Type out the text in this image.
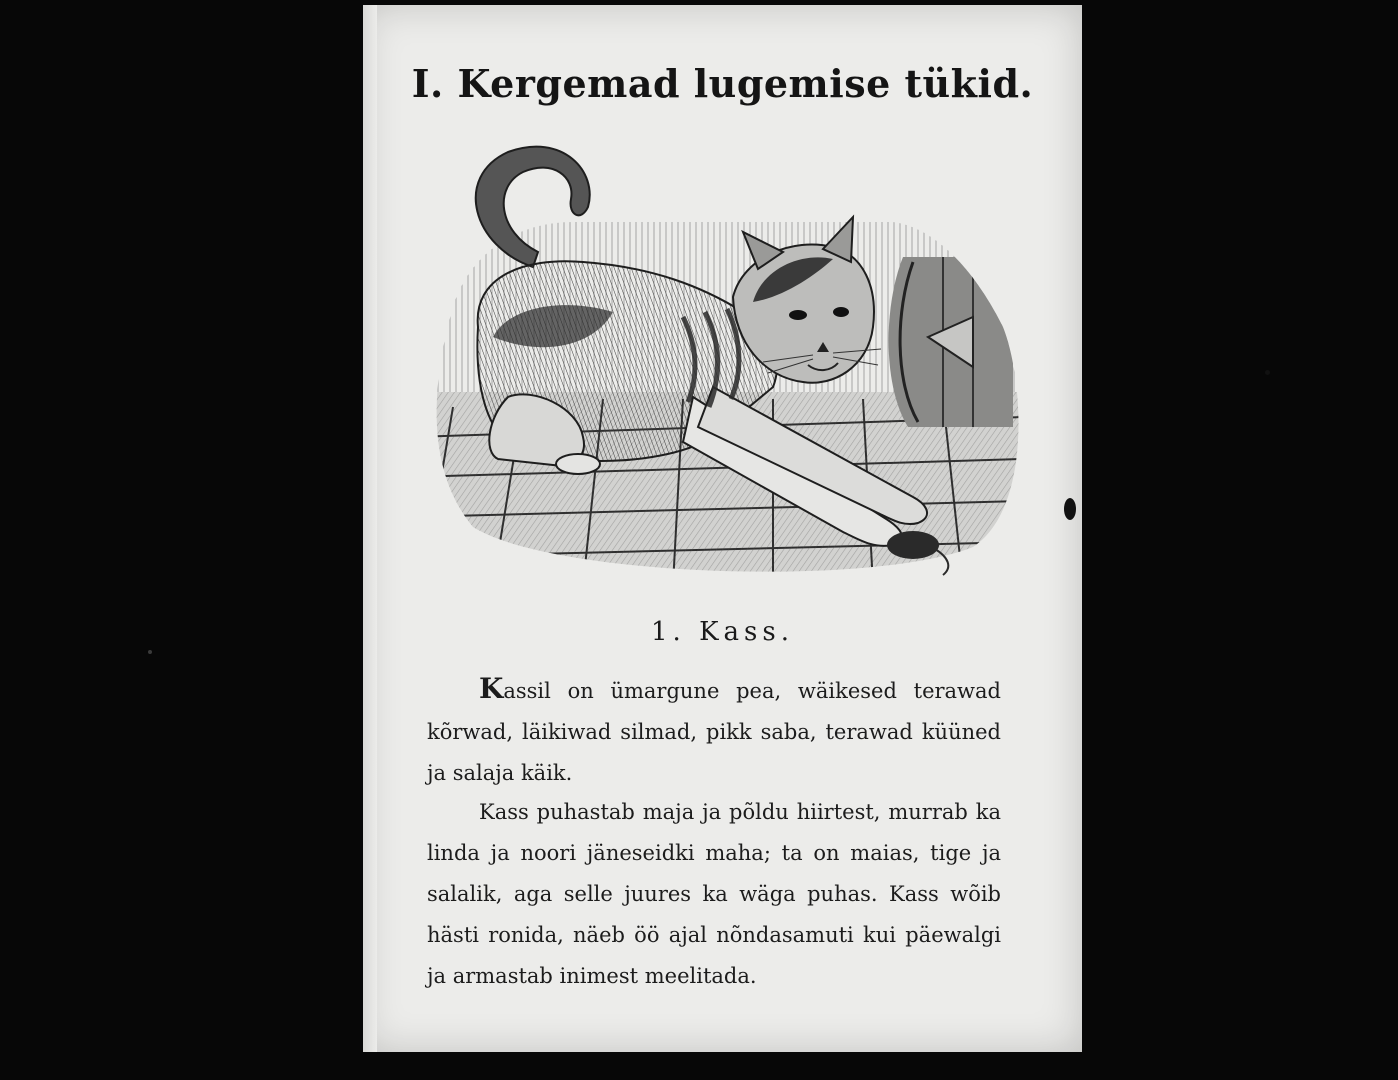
I. Kergemad lugemise tükid.
1. Kass.

Kassil on ümargune pea, wäikesed terawad kõrwad, läikiwad silmad, pikk saba, terawad küüned ja salaja käik.

Kass puhastab maja ja põldu hiirtest, murrab ka linda ja noori jäneseidki maha; ta on maias, tige ja salalik, aga selle juures ka wäga puhas. Kass wõib hästi ronida, näeb öö ajal nõndasamuti kui päewalgi ja armastab inimest meelitada.
